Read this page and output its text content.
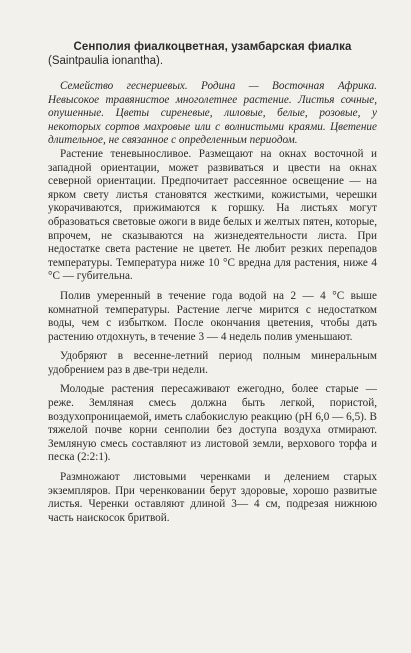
Сенполия фиалкоцветная, узамбарская фиалка

(Saintpaulia ionantha).

Семейство геснериевых. Родина — Восточная Африка. Невысокое травянистое многолетнее растение. Листья сочные, опушенные. Цветы сиреневые, лиловые, белые, розовые, у некоторых сортов махровые или с волнистыми краями. Цветение длительное, не связанное с определенным периодом.

Растение теневыносливое. Размещают на окнах восточной и западной ориентации, может развиваться и цвести на окнах северной ориентации. Предпочитает рассеянное освещение — на ярком свету листья становятся жесткими, кожистыми, черешки укорачиваются, прижимаются к горшку. На листьях могут образоваться световые ожоги в виде белых и желтых пятен, которые, впрочем, не сказываются на жизнедеятельности листа. При недостатке света растение не цветет. Не любит резких перепадов температуры. Температура ниже 10 °С вредна для растения, ниже 4 °С — губительна.

Полив умеренный в течение года водой на 2 — 4 °С выше комнатной температуры. Растение легче мирится с недостатком воды, чем с избытком. После окончания цветения, чтобы дать растению отдохнуть, в течение 3 — 4 недель полив уменьшают.

Удобряют в весенне-летний период полным минеральным удобрением раз в две-три недели.

Молодые растения пересаживают ежегодно, более старые — реже. Земляная смесь должна быть легкой, пористой, воздухопроницаемой, иметь слабокислую реакцию (рН 6,0 — 6,5). В тяжелой почве корни сенполии без доступа воздуха отмирают. Земляную смесь составляют из листовой земли, верхового торфа и песка (2:2:1).

Размножают листовыми черенками и делением старых экземпляров. При черенковании берут здоровые, хорошо развитые листья. Черенки оставляют длиной 3— 4 см, подрезая нижнюю часть наискосок бритвой.
